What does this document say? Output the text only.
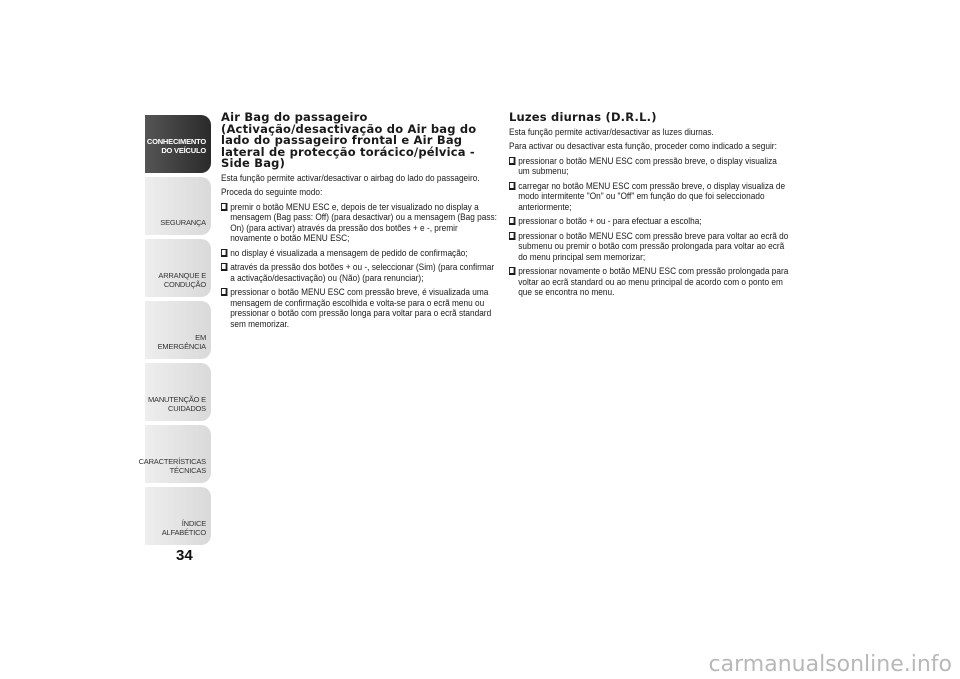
CONHECIMENTO
DO VEÍCULO
SEGURANÇA
ARRANQUE E
CONDUÇÃO
EM EMERGÊNCIA
MANUTENÇÃO E
CUIDADOS
CARACTERÍSTICAS
TÉCNICAS
ÍNDICE ALFABÉTICO
34
Air Bag do passageiro (Activação/desactivação do Air bag do lado do passageiro frontal e Air Bag lateral de protecção torácico/pélvica - Side Bag)

Esta função permite activar/desactivar o airbag do lado do passageiro.

Proceda do seguinte modo:

premir o botão MENU ESC e, depois de ter visualizado no display a mensagem (Bag pass: Off) (para desactivar) ou a mensagem (Bag pass: On) (para activar) através da pressão dos botões + e -, premir novamente o botão MENU ESC;
no display é visualizada a mensagem de pedido de confirmação;
através da pressão dos botões + ou -, seleccionar (Sim) (para confirmar a activação/desactivação) ou (Não) (para renunciar);
pressionar o botão MENU ESC com pressão breve, é visualizada uma mensagem de confirmação escolhida e volta-se para o ecrã menu ou pressionar o botão com pressão longa para voltar para o ecrã standard sem memorizar.
Luzes diurnas (D.R.L.)

Esta função permite activar/desactivar as luzes diurnas.

Para activar ou desactivar esta função, proceder como indicado a seguir:

pressionar o botão MENU ESC com pressão breve, o display visualiza um submenu;
carregar no botão MENU ESC com pressão breve, o display visualiza de modo intermitente "On" ou "Off" em função do que foi seleccionado anteriormente;
pressionar o botão + ou - para efectuar a escolha;
pressionar o botão MENU ESC com pressão breve para voltar ao ecrã do submenu ou premir o botão com pressão prolongada para voltar ao ecrã do menu principal sem memorizar;
pressionar novamente o botão MENU ESC com pressão prolongada para voltar ao ecrã standard ou ao menu principal de acordo com o ponto em que se encontra no menu.
carmanualsonline.info
